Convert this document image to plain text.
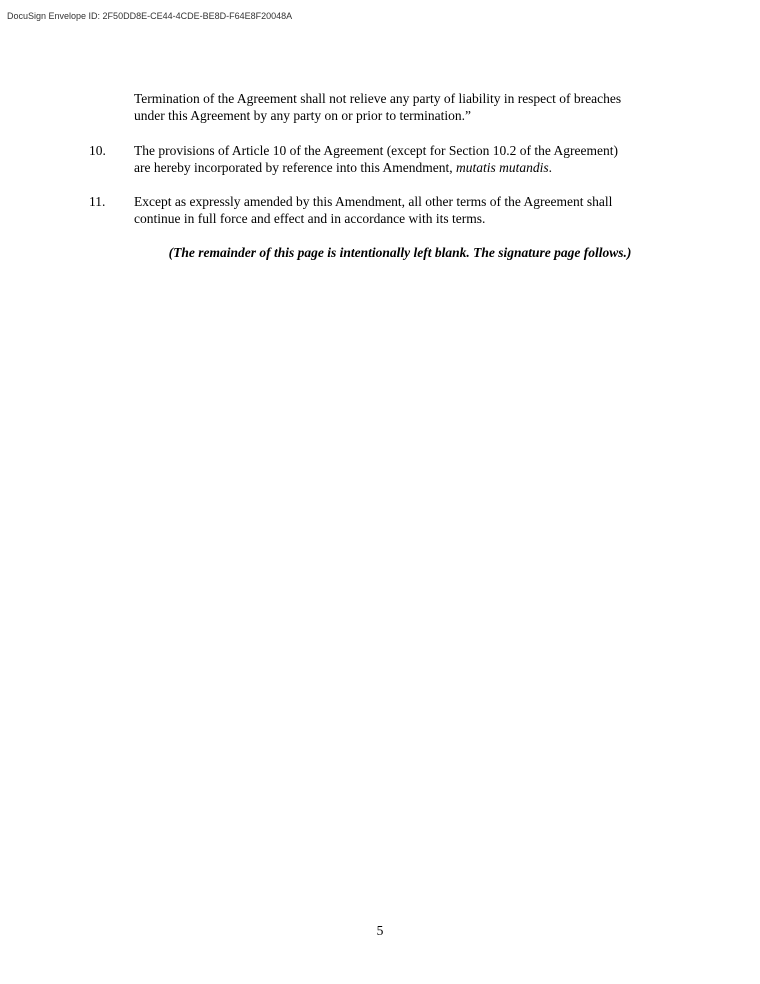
DocuSign Envelope ID: 2F50DD8E-CE44-4CDE-BE8D-F64E8F20048A
Termination of the Agreement shall not relieve any party of liability in respect of breaches
under this Agreement by any party on or prior to termination.”
10. The provisions of Article 10 of the Agreement (except for Section 10.2 of the Agreement)
are hereby incorporated by reference into this Amendment, mutatis mutandis.
11. Except as expressly amended by this Amendment, all other terms of the Agreement shall
continue in full force and effect and in accordance with its terms.
(The remainder of this page is intentionally left blank. The signature page follows.)
5
